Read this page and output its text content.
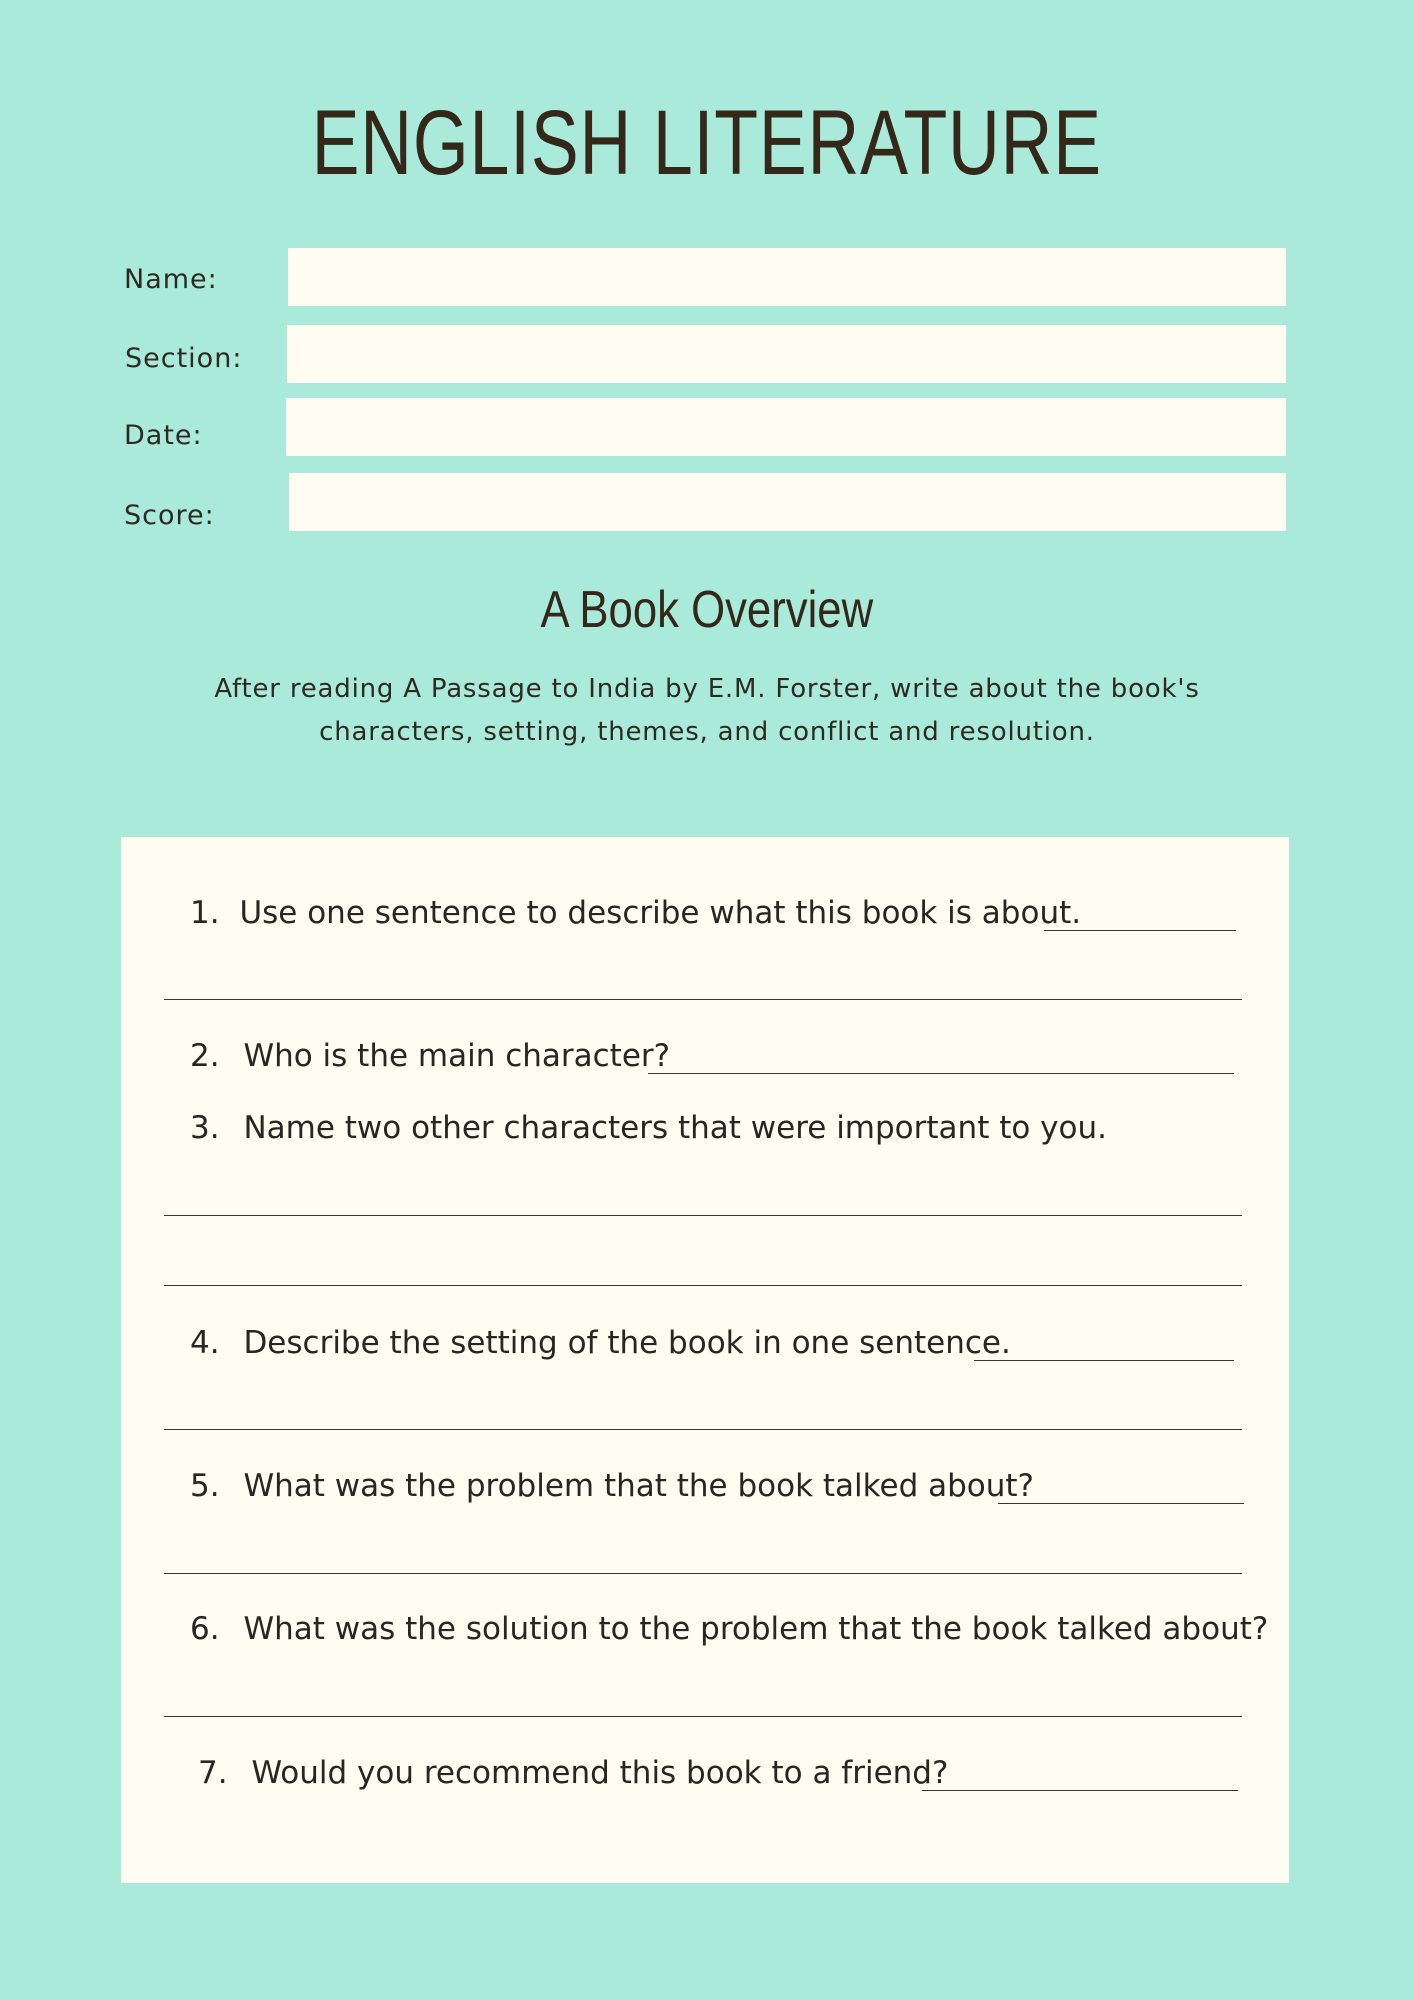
ENGLISH LITERATURE
Name:
Section:
Date:
Score:
A Book Overview
After reading A Passage to India by E.M. Forster, write about the book's characters, setting, themes, and conflict and resolution.
1. Use one sentence to describe what this book is about.
2. Who is the main character?
3. Name two other characters that were important to you.
4. Describe the setting of the book in one sentence.
5. What was the problem that the book talked about?
6. What was the solution to the problem that the book talked about?
7. Would you recommend this book to a friend?
